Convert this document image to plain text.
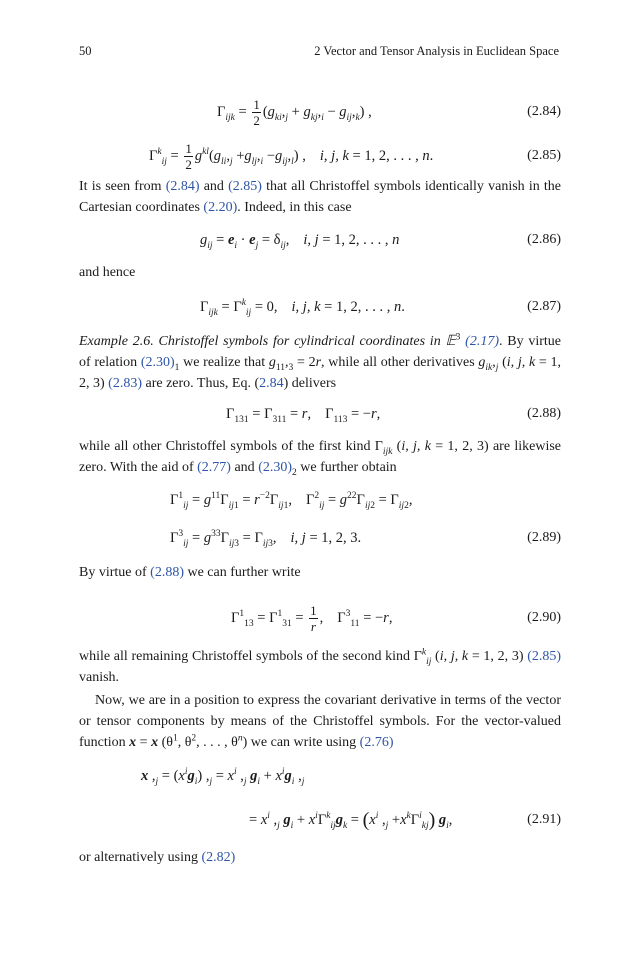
50	2 Vector and Tensor Analysis in Euclidean Space
$\Gamma_{ijk} = \frac{1}{2} (g_{ki},_j + g_{kj},_i - g_{ij},_k)$ ,	(2.84)
$\Gamma^k_{ij} = \frac{1}{2} g^{kl}(g_{li},_j +g_{lj},_i -g_{ij},_l)$ , i, j, k = 1, 2, . . . , n.	(2.85)
It is seen from (2.84) and (2.85) that all Christoffel symbols identically vanish in the Cartesian coordinates (2.20). Indeed, in this case
$g_{ij} = e_i \cdot e_j = \delta_{ij}$, i, j = 1, 2, . . . , n	(2.86)
and hence
$\Gamma_{ijk} = \Gamma^k_{ij} = 0$, i, j, k = 1, 2, . . . , n.	(2.87)
Example 2.6. Christoffel symbols for cylindrical coordinates in 𝔼$^3$ (2.17). By virtue of relation $(2.30)_1$ we realize that $g_{11},_3 = 2r$, while all other derivatives $g_{ik},_j$ (i, j, k = 1, 2, 3) (2.83) are zero. Thus, Eq. (2.84) delivers
$\Gamma_{131} = \Gamma_{311} = r$, $\Gamma_{113} = -r$,	(2.88)
while all other Christoffel symbols of the first kind $\Gamma_{ijk}$ (i, j, k = 1, 2, 3) are likewise zero. With the aid of (2.77) and $(2.30)_2$ we further obtain
$\Gamma^1_{ij} = g^{11}\Gamma_{ij1} = r^{-2}\Gamma_{ij1}$, $\Gamma^2_{ij} = g^{22}\Gamma_{ij2} = \Gamma_{ij2}$,
$\Gamma^3_{ij} = g^{33}\Gamma_{ij3} = \Gamma_{ij3}$, i, j = 1, 2, 3.	(2.89)
By virtue of (2.88) we can further write
$\Gamma^1_{13} = \Gamma^1_{31} = \frac{1}{r}$ , $\Gamma^3_{11} = -r$,	(2.90)
while all remaining Christoffel symbols of the second kind $\Gamma^k_{ij}$ (i, j, k = 1, 2, 3) (2.85) vanish.
Now, we are in a position to express the covariant derivative in terms of the vector or tensor components by means of the Christoffel symbols. For the vector-valued function x = x ($\theta^1$, $\theta^2$, . . . , $\theta^n$) we can write using (2.76)
x $,_j = (x^ig_i) ,_j = x^i$ $,_j$ $g_i + x^ig_i$ $,_j$
= $x^i$ $,_j$ $g_i + x^i\Gamma^k_{ij}g_k = (x^i$ $,_j +x^k\Gamma^i_{kj}$) $g_i$,	(2.91)
or alternatively using (2.82)
